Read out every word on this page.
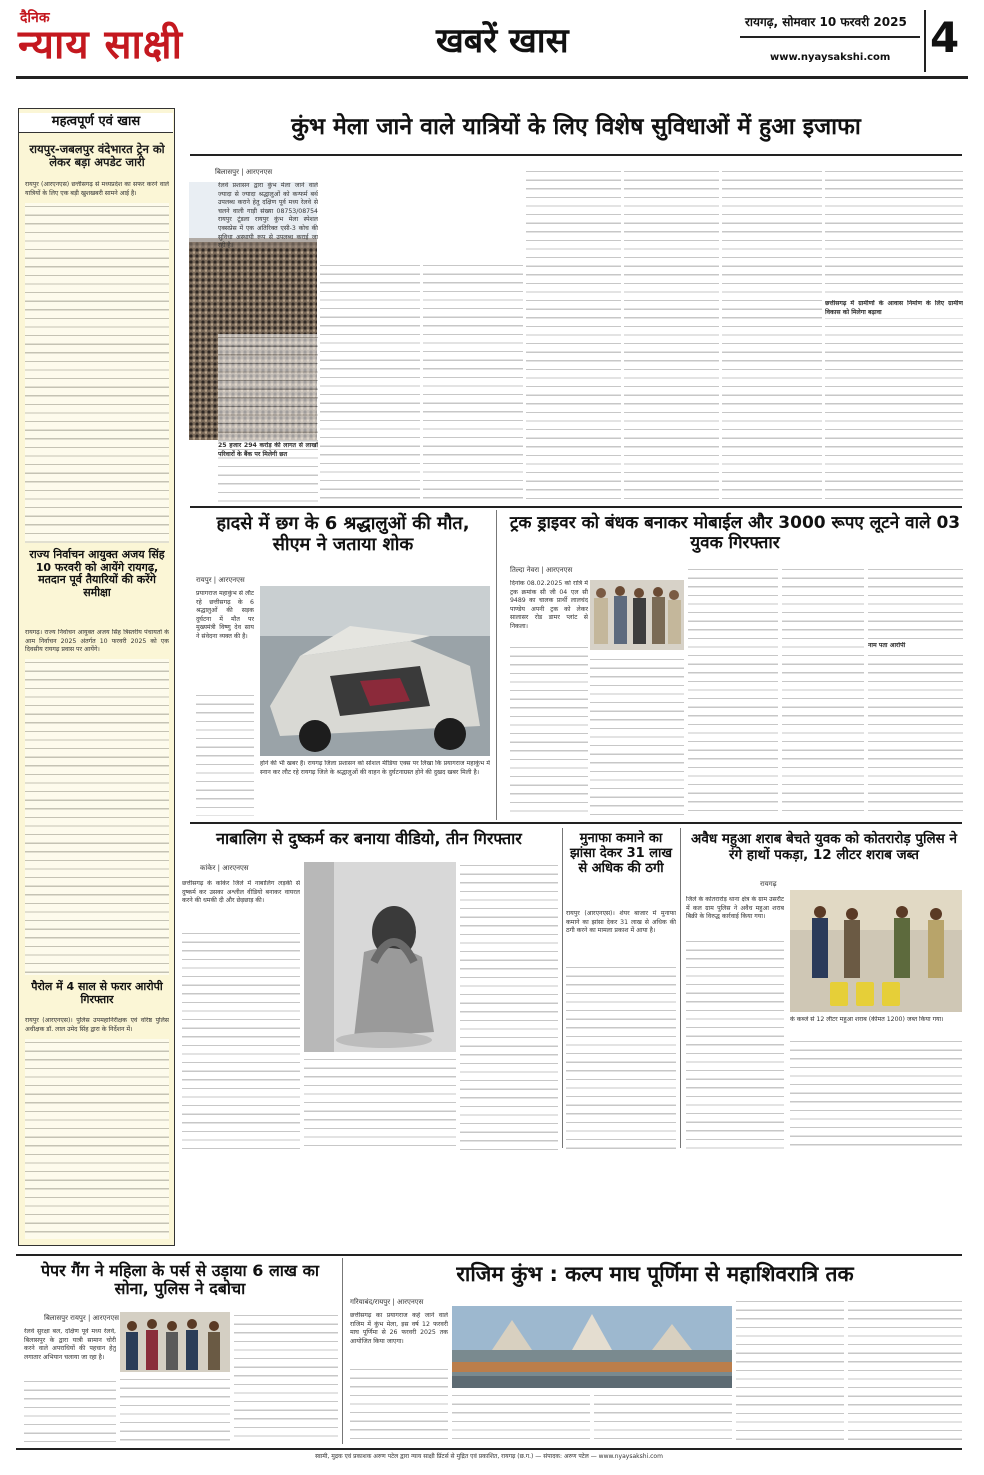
दैनिक
न्याय साक्षी	खबरें खास	रायगढ़, सोमवार 10 फरवरी 2025
www.nyaysakshi.com 4
महत्वपूर्ण एवं खास
रायपुर-जबलपुर वंदेभारत ट्रेन को लेकर बड़ा अपडेट जारी
रायपुर (आरएनएस) छत्तीसगढ़ से मध्यप्रदेश का सफर करने वाले यात्रियों के लिए एक बड़ी खुशखबरी सामने आई है।
राज्य निर्वाचन आयुक्त अजय सिंह 10 फरवरी को आयेंगे रायगढ़, मतदान पूर्व तैयारियों की करेंगे समीक्षा
रायगढ़। राज्य निर्वाचन आयुक्त अजय सिंह त्रिस्तरीय पंचायतों के आम निर्वाचन 2025 अंतर्गत 10 फरवरी 2025 को एक दिवसीय रायगढ़ प्रवास पर आयेंगे।
पैरोल में 4 साल से फरार आरोपी गिरफ्तार
रायपुर (आरएनएस)। पुलिस उपमहानिरीक्षक एवं वरिष्ठ पुलिस अधीक्षक डॉ. लाल उमेद सिंह द्वारा के निर्देशन में।
कुंभ मेला जाने वाले यात्रियों के लिए विशेष सुविधाओं में हुआ इजाफा
बिलासपुर | आरएनएस
रेलवे प्रशासन द्वारा कुंभ मेला जाने वाले ज्यादा से ज्यादा श्रद्धालुओं को कन्फर्म बर्थ उपलब्ध कराने हेतु दक्षिण पूर्व मध्य रेलवे से चलने वाली गाड़ी संख्या 08753/08754 रायपुर टूंडला रायपुर कुंभ मेला स्पेशल एक्सप्रेस में एक अतिरिक्त एसी-3 कोच की सुविधा अस्थायी रूप से उपलब्ध कराई जा रही है।
25 हजार 294 करोड़ की लागत से लाखों परिवारों के बैंक पर मिलेगी छत
छत्तीसगढ़ में ग्रामीणों के आवास निर्माण के लिए ग्रामीण विकास को मिलेगा बढ़ावा
हादसे में छग के 6 श्रद्धालुओं की मौत, सीएम ने जताया शोक
रायपुर | आरएनएस
प्रयागराज महाकुंभ से लौट रहे छत्तीसगढ़ के 6 श्रद्धालुओं की सड़क दुर्घटना में मौत पर मुख्यमंत्री विष्णु देव साय ने संवेदना व्यक्त की है।
होने की भी खबर है। रायगढ़ जिला प्रशासन को सोशल मीडिया एक्स पर लिखा कि प्रयागराज महाकुंभ में स्नान कर लौट रहे रायगढ़ जिले के श्रद्धालुओं की वाहन के दुर्घटनाग्रस्त होने की दुखद खबर मिली है।
ट्रक ड्राइवर को बंधक बनाकर मोबाईल और 3000 रूपए लूटने वाले 03 युवक गिरफ्तार
तिल्दा नेवरा | आरएनएस
दिनांक 08.02.2025 को रात्रि में ट्रक क्रमांक सी जी 04 एल सी 9489 का चालक प्रार्थी लालचंद पाण्डेय अपनी ट्रक को लेकर सालासर रोड डामर प्लांट से निकला।
नाम पता आरोपी
नाबालिग से दुष्कर्म कर बनाया वीडियो, तीन गिरफ्तार
कांकेर | आरएनएस
छत्तीसगढ़ के कांकेर जिले में नाबालिग लड़की से दुष्कर्म कर उसका अश्लील वीडियो बनाकर वायरल करने की धमकी दी और छेड़छाड़ की।
मुनाफा कमाने का झांसा देकर 31 लाख से अधिक की ठगी
रायपुर (आरएनएस)। शेयर बाजार में मुनाफा कमाने का झांसा देकर 31 लाख से अधिक की ठगी करने का मामला प्रकाश में आया है।
अवैध महुआ शराब बेचते युवक को कोतरारोड़ पुलिस ने रंगे हाथों पकड़ा, 12 लीटर शराब जब्त
रायगढ़
जिले के कोतरारोड़ थाना क्षेत्र के ग्राम उसरौट में कल ग्राम पुलिस ने अवैध महुआ शराब बिक्री के विरुद्ध कार्रवाई किया गया।
के कब्जे से 12 लीटर महुआ शराब (कीमत 1200) जब्त किया गया।
पेपर गैंग ने महिला के पर्स से उड़ाया 6 लाख का सोना, पुलिस ने दबोचा
बिलासपुर रायपुर | आरएनएस
रेलवे सुरक्षा बल, दक्षिण पूर्व मध्य रेलवे, बिलासपुर के द्वारा यात्री सामान चोरी करने वाले अपराधियों की पहचान हेतु लगातार अभियान चलाया जा रहा है।
राजिम कुंभ : कल्प माघ पूर्णिमा से महाशिवरात्रि तक
गरियाबंद/रायपुर | आरएनएस
छत्तीसगढ़ का प्रयागराज कहे जाने वाले राजिम में कुंभ मेला, इस वर्ष 12 फरवरी माघ पूर्णिमा से 26 फरवरी 2025 तक आयोजित किया जाएगा।
स्वामी, मुद्रक एवं प्रकाशक अरुण पटेल द्वारा न्याय साक्षी प्रिंटर्स से मुद्रित एवं प्रकाशित, रायगढ़ (छ.ग.) — संपादक: अरुण पटेल — www.nyaysakshi.com
